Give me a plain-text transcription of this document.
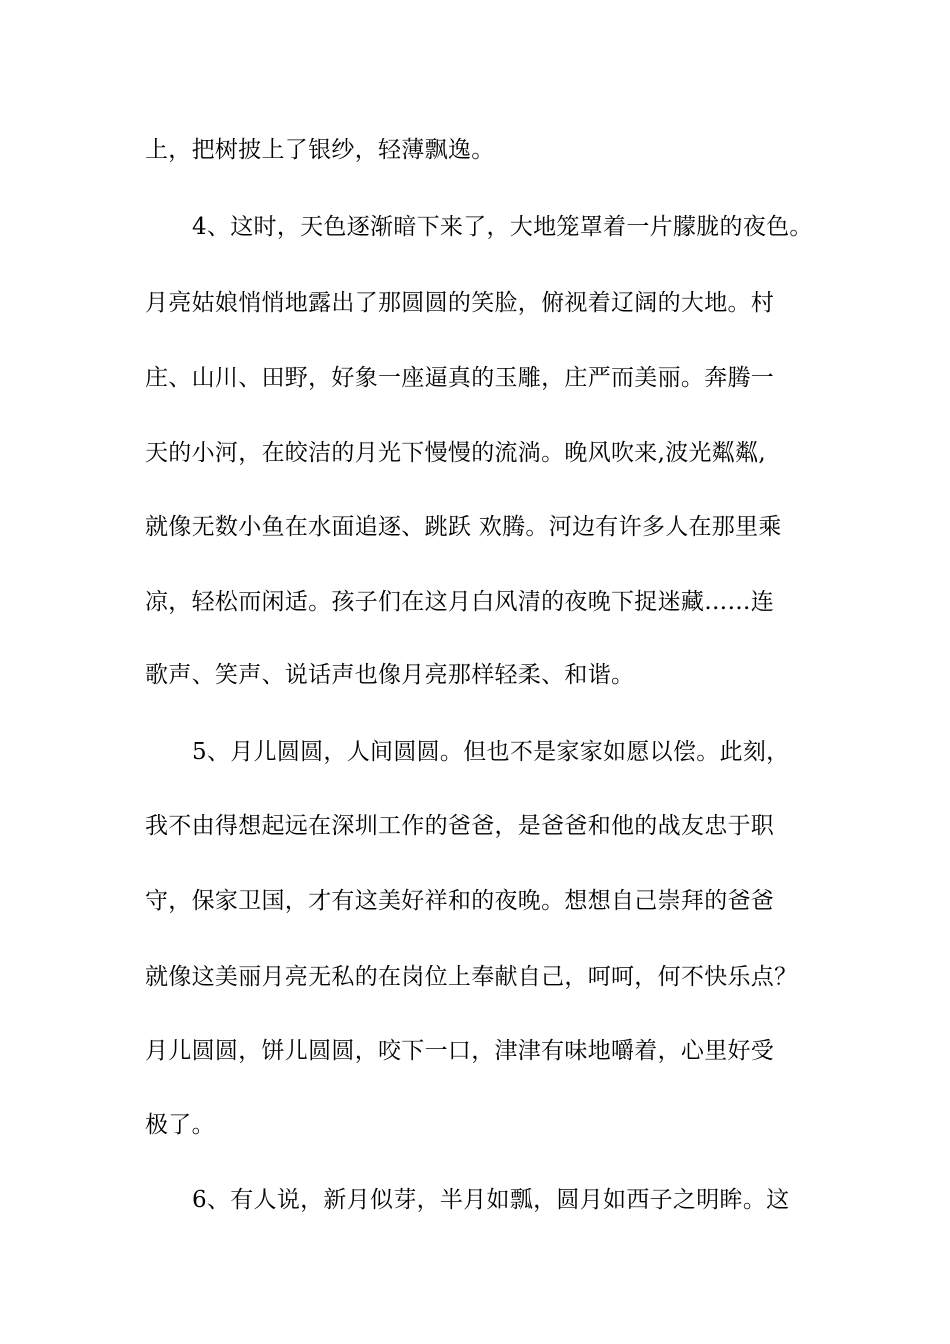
上，把树披上了银纱，轻薄飘逸。

4、这时，天色逐渐暗下来了，大地笼罩着一片朦胧的夜色。

月亮姑娘悄悄地露出了那圆圆的笑脸，俯视着辽阔的大地。村

庄、山川、田野，好象一座逼真的玉雕，庄严而美丽。奔腾一

天的小河，在皎洁的月光下慢慢的流淌。晚风吹来,波光粼粼,

就像无数小鱼在水面追逐、跳跃 欢腾。河边有许多人在那里乘

凉，轻松而闲适。孩子们在这月白风清的夜晚下捉迷藏……连

歌声、笑声、说话声也像月亮那样轻柔、和谐。

5、月儿圆圆，人间圆圆。但也不是家家如愿以偿。此刻，

我不由得想起远在深圳工作的爸爸，是爸爸和他的战友忠于职

守，保家卫国，才有这美好祥和的夜晚。想想自己崇拜的爸爸

就像这美丽月亮无私的在岗位上奉献自己，呵呵，何不快乐点？

月儿圆圆，饼儿圆圆，咬下一口，津津有味地嚼着，心里好受

极了。

6、有人说，新月似芽，半月如瓢，圆月如西子之明眸。这
